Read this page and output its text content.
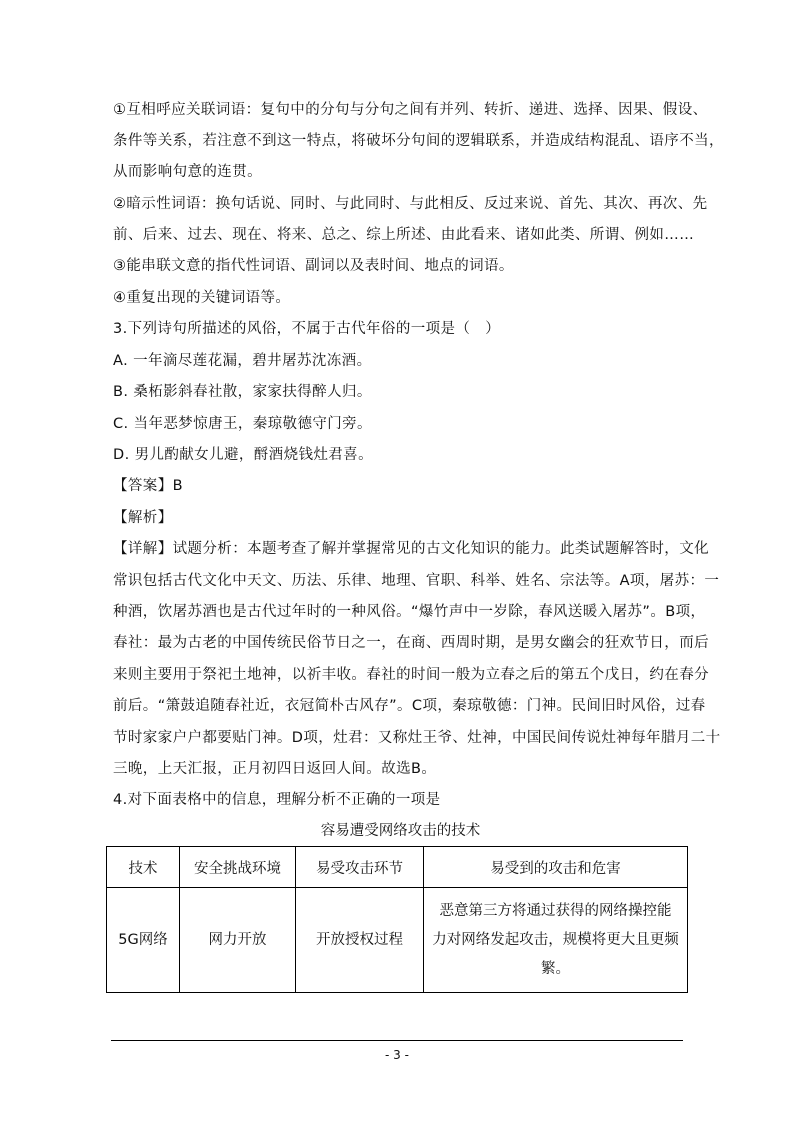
①互相呼应关联词语：复句中的分句与分句之间有并列、转折、递进、选择、因果、假设、
条件等关系，若注意不到这一特点，将破坏分句间的逻辑联系，并造成结构混乱、语序不当，
从而影响句意的连贯。
②暗示性词语：换句话说、同时、与此同时、与此相反、反过来说、首先、其次、再次、先
前、后来、过去、现在、将来、总之、综上所述、由此看来、诸如此类、所谓、例如……
③能串联文意的指代性词语、副词以及表时间、地点的词语。
④重复出现的关键词语等。
3.下列诗句所描述的风俗，不属于古代年俗的一项是（　）
A. 一年滴尽莲花漏，碧井屠苏沈冻酒。
B. 桑柘影斜春社散，家家扶得醉人归。
C. 当年恶梦惊唐王，秦琼敬德守门旁。
D. 男儿酌献女儿避，酹酒烧钱灶君喜。
【答案】B
【解析】
【详解】试题分析：本题考查了解并掌握常见的古文化知识的能力。此类试题解答时，文化
常识包括古代文化中天文、历法、乐律、地理、官职、科举、姓名、宗法等。A项，屠苏：一
种酒，饮屠苏酒也是古代过年时的一种风俗。“爆竹声中一岁除，春风送暖入屠苏”。B项，
春社：最为古老的中国传统民俗节日之一，在商、西周时期，是男女幽会的狂欢节日，而后
来则主要用于祭祀土地神，以祈丰收。春社的时间一般为立春之后的第五个戊日，约在春分
前后。“箫鼓追随春社近，衣冠简朴古风存”。C项，秦琼敬德：门神。民间旧时风俗，过春
节时家家户户都要贴门神。D项，灶君：又称灶王爷、灶神，中国民间传说灶神每年腊月二十
三晚，上天汇报，正月初四日返回人间。故选B。
4.对下面表格中的信息，理解分析不正确的一项是
容易遭受网络攻击的技术
技术	安全挑战环境	易受攻击环节	易受到的攻击和危害
5G网络	网力开放	开放授权过程	恶意第三方将通过获得的网络操控能
力对网络发起攻击，规模将更大且更频
繁。
- 3 -
